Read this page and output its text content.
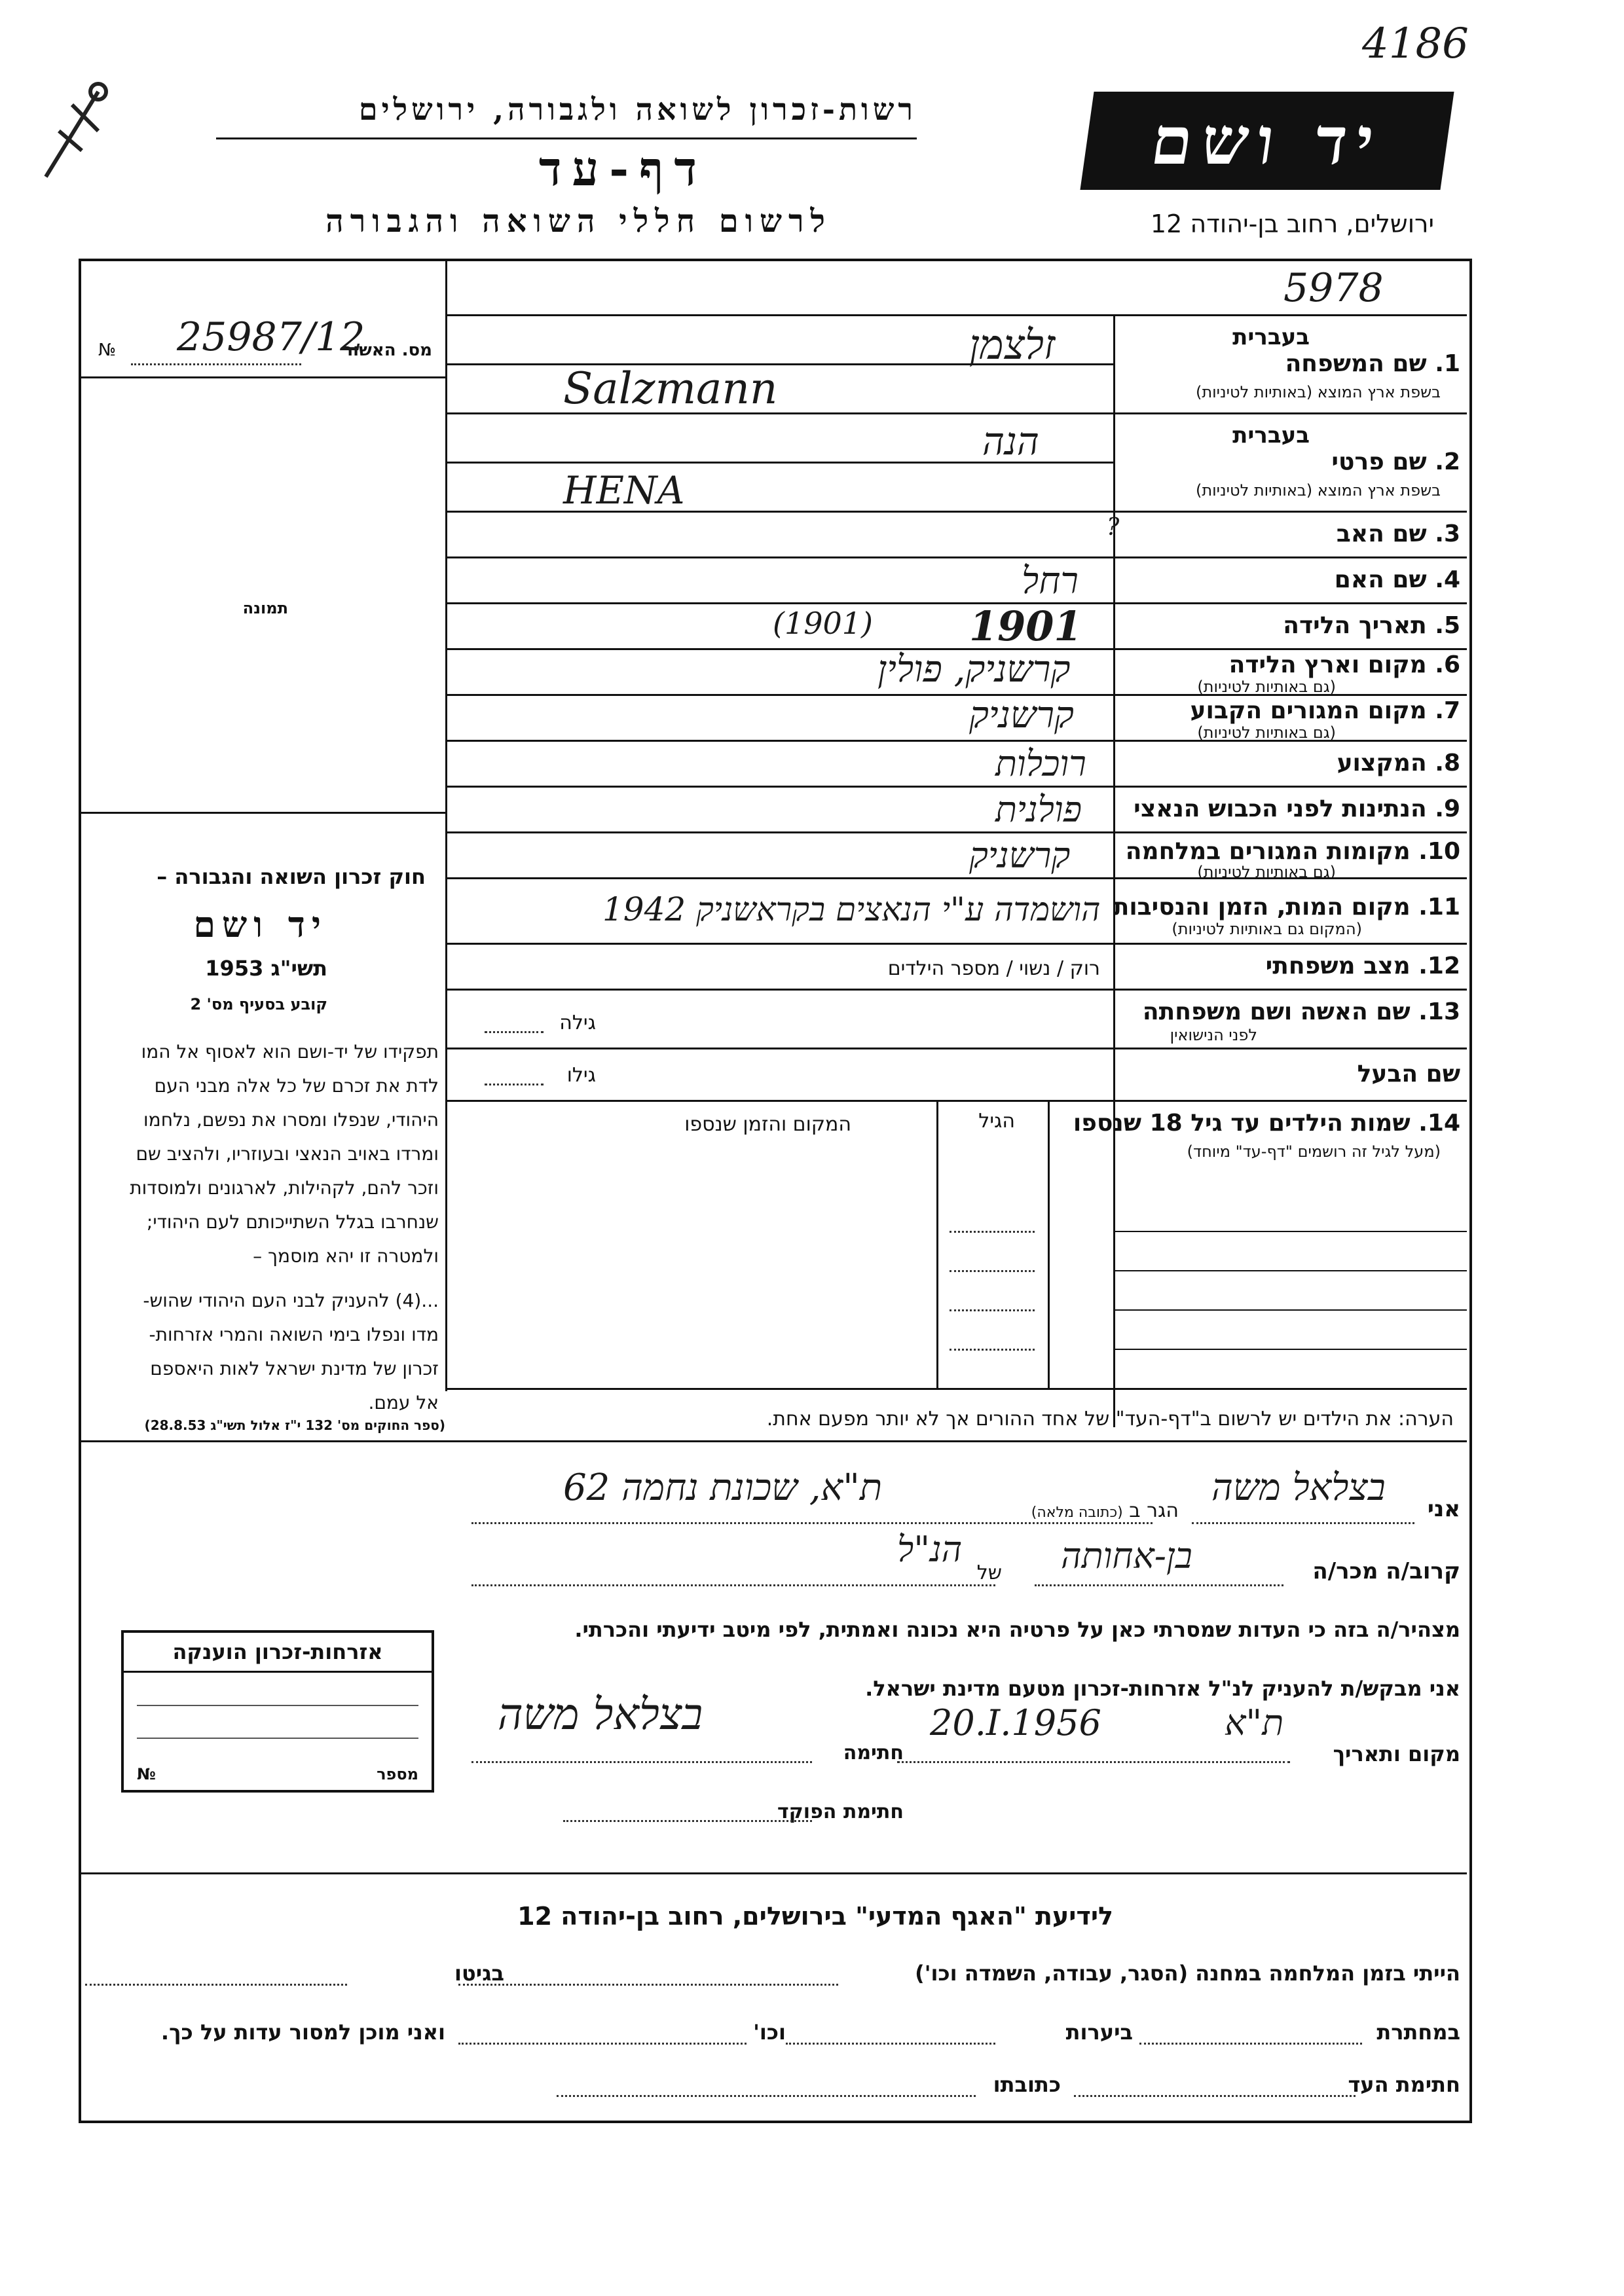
4186
רשות-זכרון לשואה ולגבורה, ירושלים
דף-עד
לרשום חללי השואה והגבורה
יד ושם
ירושלים, רחוב בן-יהודה 12
5978
מס. האשור
№ 25987/12
תמונה
חוק זכרון השואה והגבורה –
יד ושם
תשי"ג 1953
קובע בסעיף מס' 2
תפקידו של יד-ושם הוא לאסוף אל המו
לדת את זכרם של כל אלה מבני העם
היהודי, שנפלו ומסרו את נפשם, נלחמו
ומרדו באויב הנאצי ובעוזריו, ולהציב שם
וזכר להם, לקהילות, לארגונים ולמוסדות
שנחרבו בגלל השתייכותם לעם היהודי;
ולמטרה זו יהא מוסמך –
...(4) להעניק לבני העם היהודי שהוש-
מדו ונפלו בימי השואה והמרי אזרחות-
זכרון של מדינת ישראל לאות היאספם
אל עמם.
(ספר החוקים מס' 132 י"ז אלול תשי"ג 28.8.53)
בעברית
1. שם המשפחה
בשפת ארץ המוצא (באותיות לטיניות)
זלצמן
Salzmann
בעברית
2. שם פרטי
בשפת ארץ המוצא (באותיות לטיניות)
הנה
HENA
3. שם האב
?
4. שם האם
רחל
5. תאריך הלידה
(1901) 1901
6. מקום וארץ הלידה
(גם באותיות לטיניות)
קרשניק, פולין
7. מקום המגורים הקבוע
(גם באותיות לטיניות)
קרשניק
8. המקצוע
רוכלות
9. הנתינות לפני הכבוש הנאצי
פולנית
10. מקומות המגורים במלחמה
(גם באותיות לטיניות)
קרשניק
11. מקום המות, הזמן והנסיבות
(המקום גם באותיות לטיניות)
הושמדה ע"י הנאצים בקראשניק 1942
12. מצב משפחתי
רוק / נשוי / מספר הילדים
13. שם האשה ושם משפחתה
לפני הנישואין
גילה
שם הבעל
גילו
14. שמות הילדים עד גיל 18 שנספו
(מעל לגיל זה רושמים "דף-עד" מיוחד)
הגיל
המקום והזמן שנספו
הערה: את הילדים יש לרשום ב"דף-העד" של אחד ההורים אך לא יותר מפעם אחת.
אני
בצלאל משה
הגר ב (כתובה מלאה)
ת"א, שכונת נחמה 62
קרוב/ה מכר/ה
בן-אחותה
של
הנ"ל
מצהיר/ה בזה כי העדות שמסרתי כאן על פרטיה היא נכונה ואמתית, לפי מיטב ידיעתי והכרתי.
אני מבקש/ת להעניק לנ"ל אזרחות-זכרון מטעם מדינת ישראל.
מקום ותאריך
ת"א
20.I.1956
חתימה
בצלאל משה
חתימת הפוקד
אזרחות-זכרון הוענקה
מספר
№
לידיעת "האגף המדעי" בירושלים, רחוב בן-יהודה 12
הייתי בזמן המלחמה במחנה (הסגר, עבודה, השמדה וכו')
בגיטו
במחתרת
ביערות
וכו'
ואני מוכן למסור עדות על כך.
חתימת העד
כתובתו
